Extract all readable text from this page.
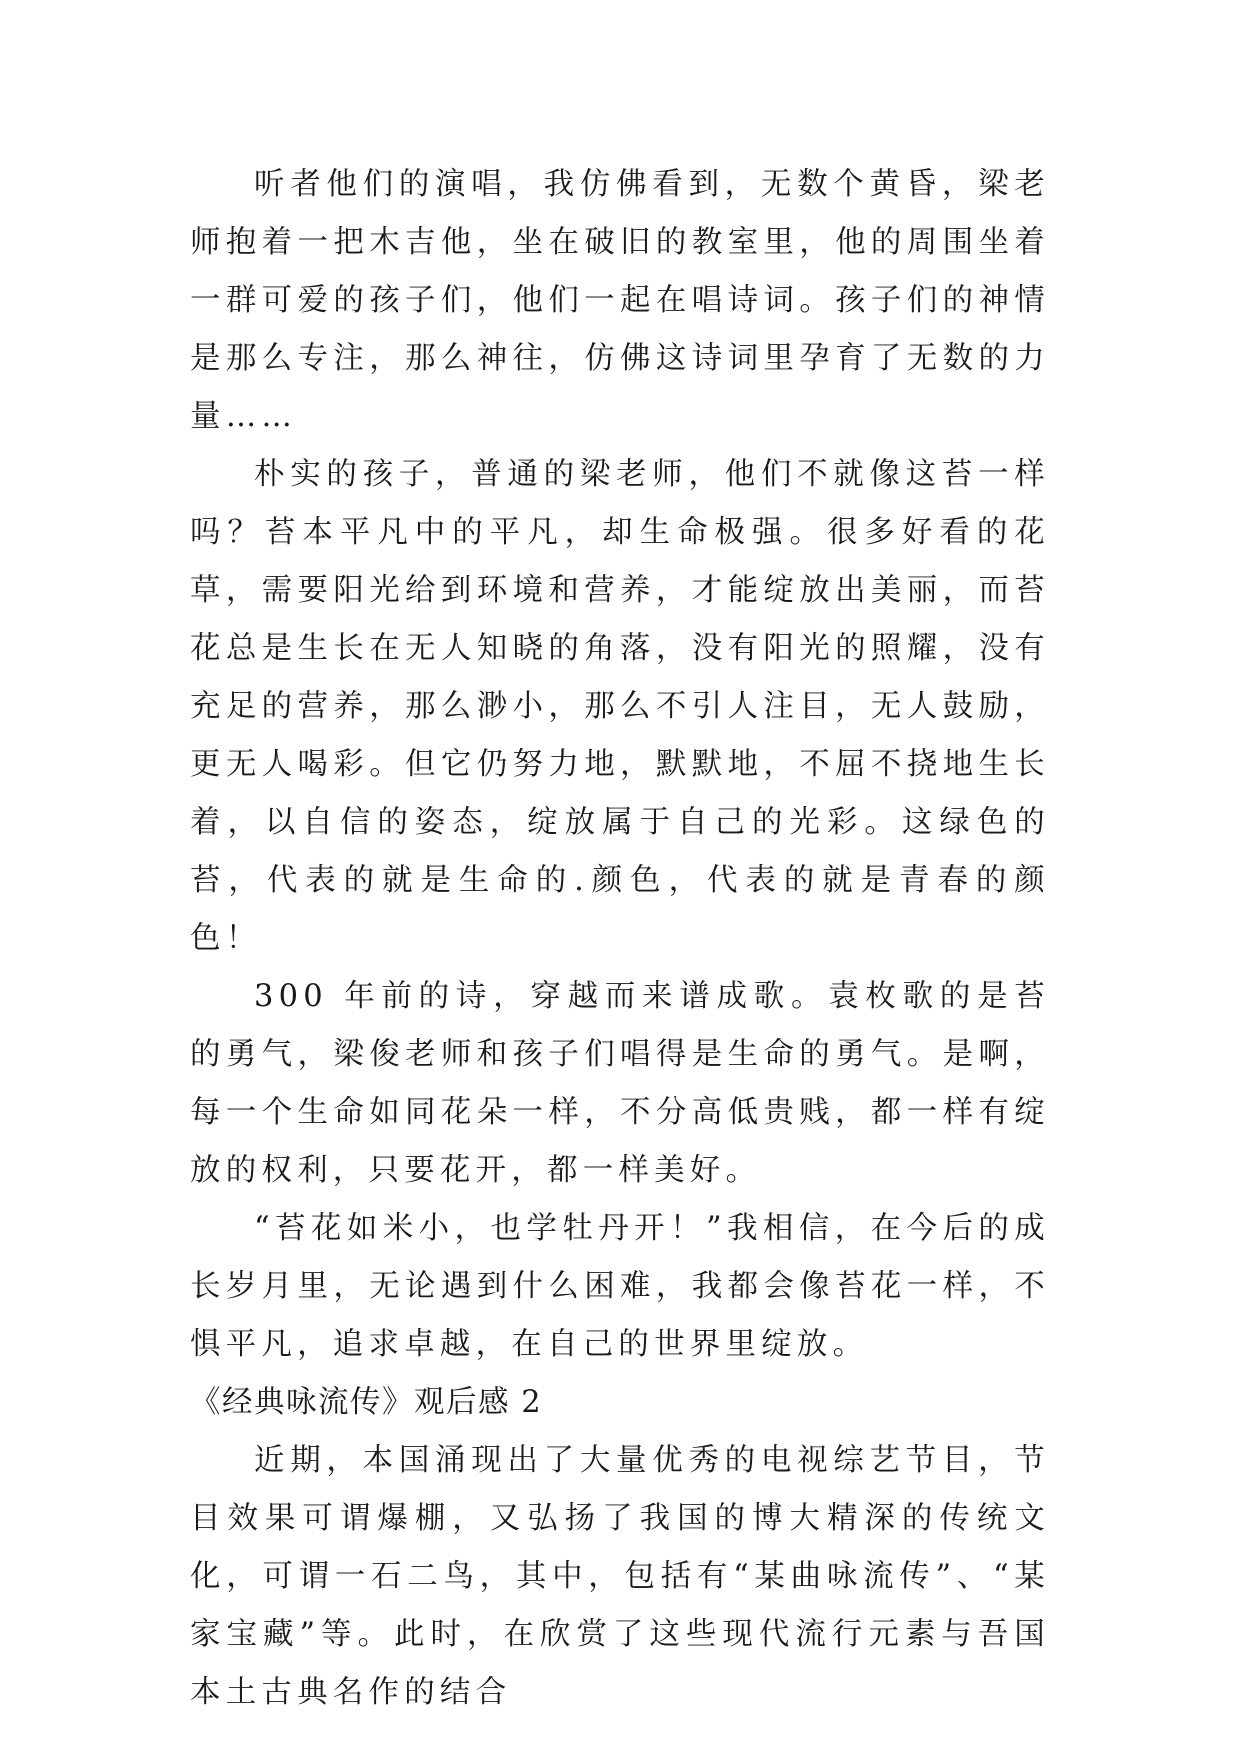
听者他们的演唱，我仿佛看到，无数个黄昏，梁老师抱着一把木吉他，坐在破旧的教室里，他的周围坐着一群可爱的孩子们，他们一起在唱诗词。孩子们的神情是那么专注，那么神往，仿佛这诗词里孕育了无数的力量……

朴实的孩子，普通的梁老师，他们不就像这苔一样吗？苔本平凡中的平凡，却生命极强。很多好看的花草，需要阳光给到环境和营养，才能绽放出美丽，而苔花总是生长在无人知晓的角落，没有阳光的照耀，没有充足的营养，那么渺小，那么不引人注目，无人鼓励，更无人喝彩。但它仍努力地，默默地，不屈不挠地生长着，以自信的姿态，绽放属于自己的光彩。这绿色的苔，代表的就是生命的.颜色，代表的就是青春的颜色！

300 年前的诗，穿越而来谱成歌。袁枚歌的是苔的勇气，梁俊老师和孩子们唱得是生命的勇气。是啊，每一个生命如同花朵一样，不分高低贵贱，都一样有绽放的权利，只要花开，都一样美好。

“苔花如米小，也学牡丹开！”我相信，在今后的成长岁月里，无论遇到什么困难，我都会像苔花一样，不惧平凡，追求卓越，在自己的世界里绽放。

《经典咏流传》观后感 2

近期，本国涌现出了大量优秀的电视综艺节目，节目效果可谓爆棚，又弘扬了我国的博大精深的传统文化，可谓一石二鸟，其中，包括有“某曲咏流传”、“某家宝藏”等。此时，在欣赏了这些现代流行元素与吾国本土古典名作的结合
